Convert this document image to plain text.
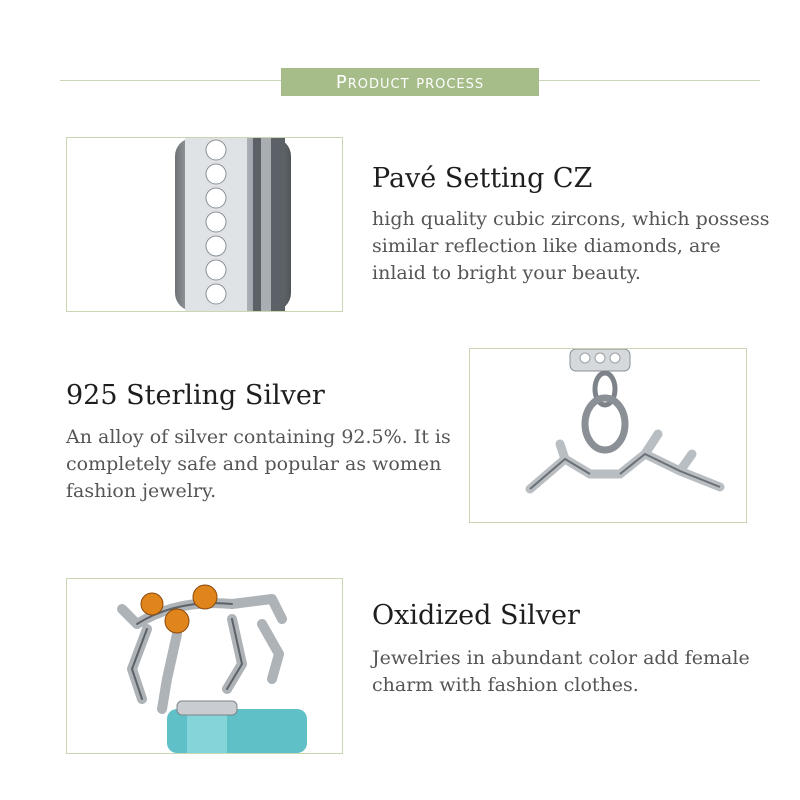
Product process
Pavé Setting CZ
high quality cubic zircons, which possess similar reflection like diamonds, are inlaid to bright your beauty.
925 Sterling Silver
An alloy of silver containing 92.5%. It is completely safe and popular as women fashion jewelry.
Oxidized Silver
Jewelries in abundant color add female charm with fashion clothes.
